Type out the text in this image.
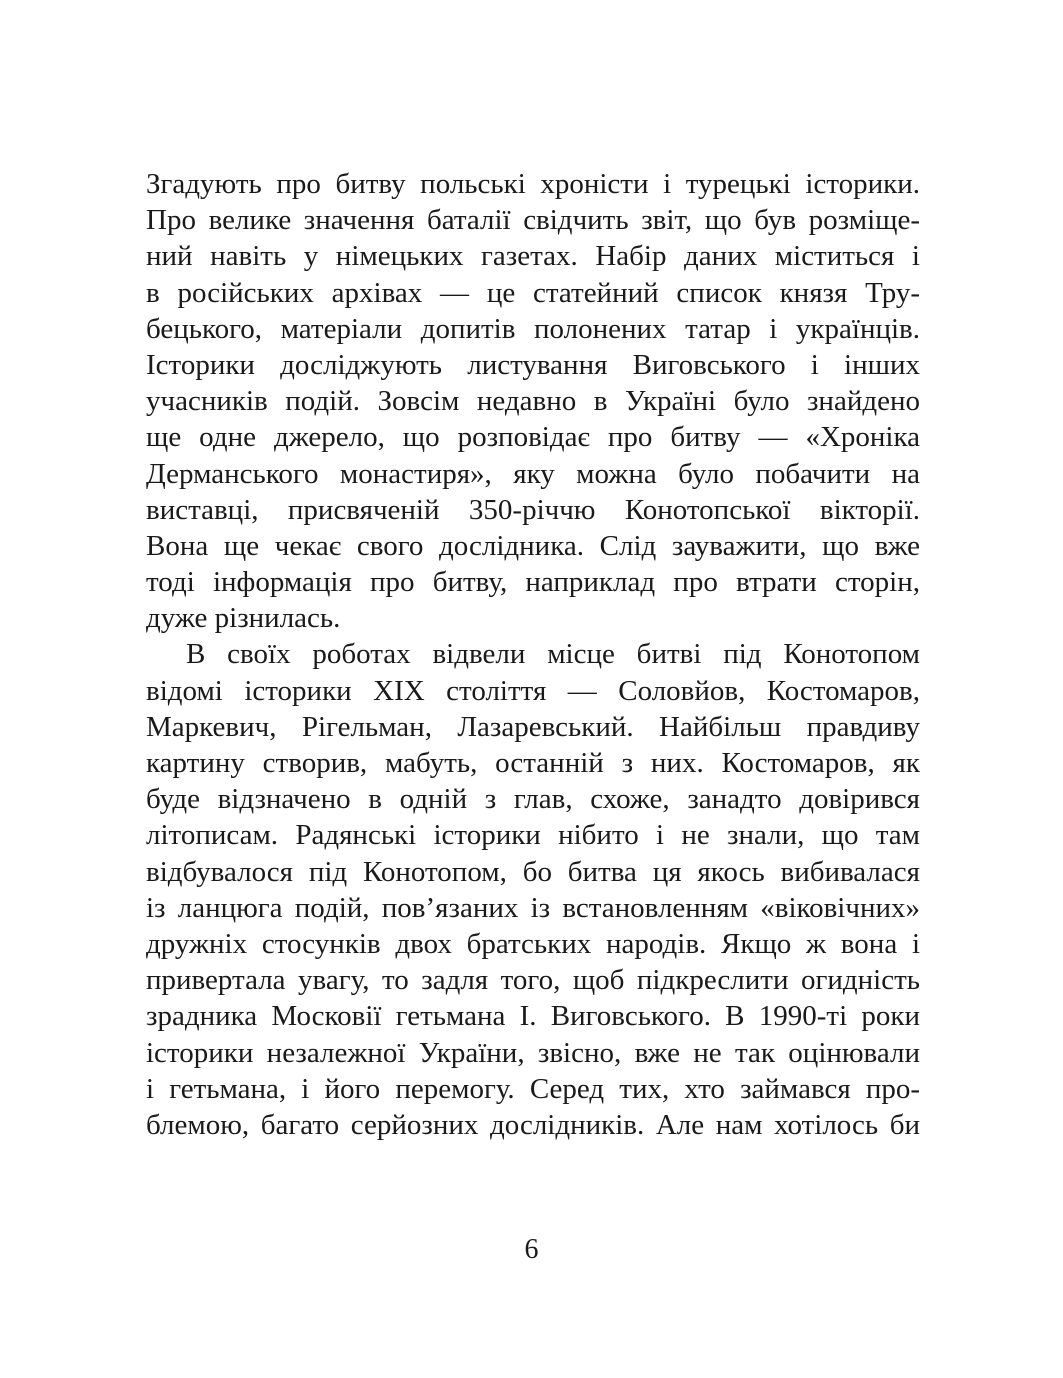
Згадують про битву польські хроністи і турецькі історики.
Про велике значення баталії свідчить звіт, що був розміще-
ний навіть у німецьких газетах. Набір даних міститься і
в російських архівах — це статейний список князя Тру-
бецького, матеріали допитів полонених татар і українців.
Історики досліджують листування Виговського і інших
учасників подій. Зовсім недавно в Україні було знайдено
ще одне джерело, що розповідає про битву — «Хроніка
Дерманського монастиря», яку можна було побачити на
виставці, присвяченій 350-річчю Конотопської вікторії.
Вона ще чекає свого дослідника. Слід зауважити, що вже
тоді інформація про битву, наприклад про втрати сторін,
дуже різнилась.
В своїх роботах відвели місце битві під Конотопом
відомі історики XIX століття — Соловйов, Костомаров,
Маркевич, Рігельман, Лазаревський. Найбільш правдиву
картину створив, мабуть, останній з них. Костомаров, як
буде відзначено в одній з глав, схоже, занадто довірився
літописам. Радянські історики нібито і не знали, що там
відбувалося під Конотопом, бо битва ця якось вибивалася
із ланцюга подій, пов’язаних із встановленням «віковічних»
дружніх стосунків двох братських народів. Якщо ж вона і
привертала увагу, то задля того, щоб підкреслити огидність
зрадника Московії гетьмана І. Виговського. В 1990-ті роки
історики незалежної України, звісно, вже не так оцінювали
і гетьмана, і його перемогу. Серед тих, хто займався про-
блемою, багато серйозних дослідників. Але нам хотілось би
6
